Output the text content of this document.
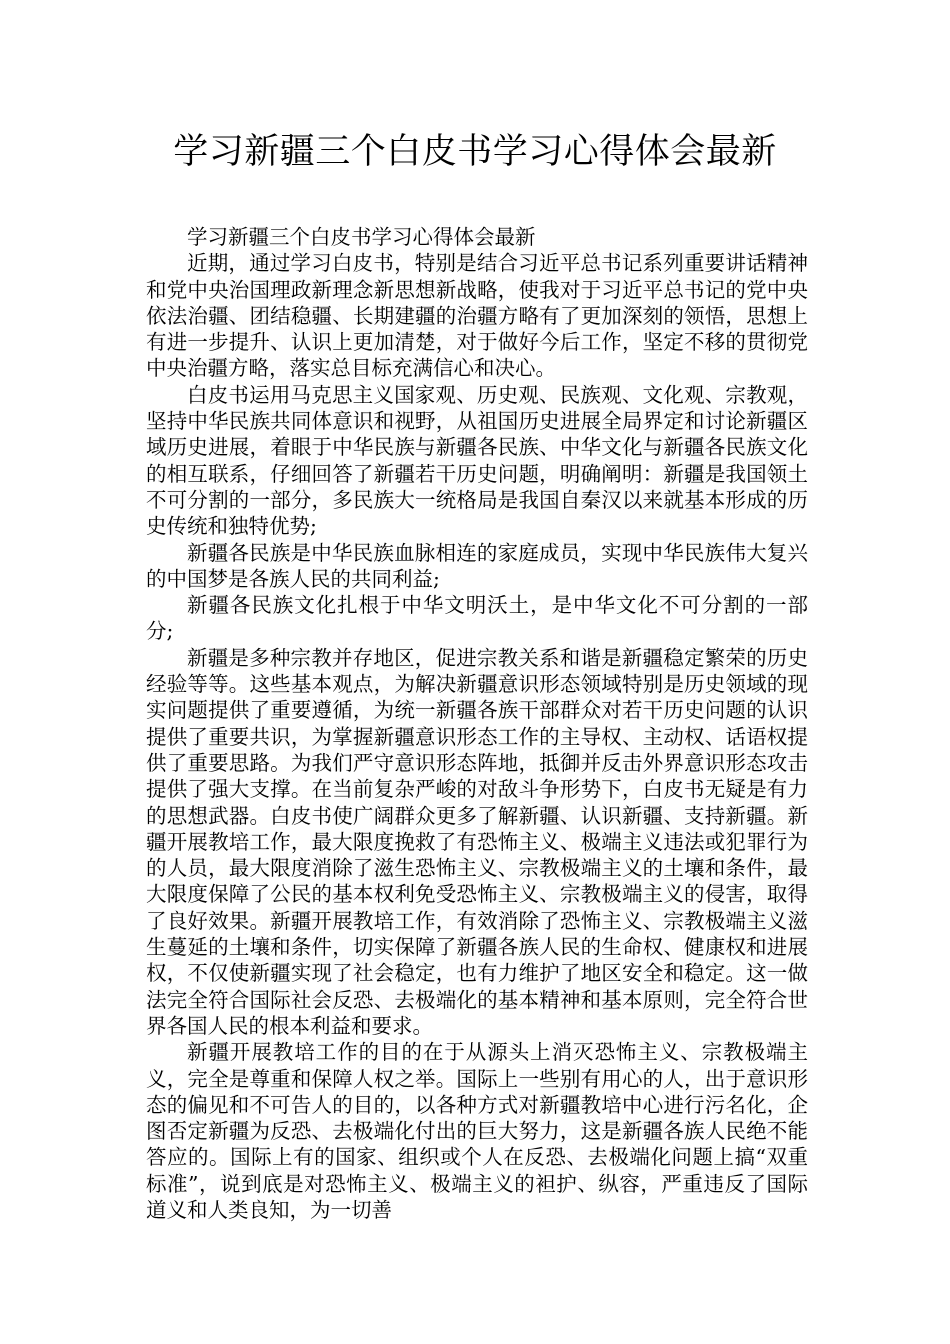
学习新疆三个白皮书学习心得体会最新

学习新疆三个白皮书学习心得体会最新

近期，通过学习白皮书，特别是结合习近平总书记系列重要讲话精神和党中央治国理政新理念新思想新战略，使我对于习近平总书记的党中央依法治疆、团结稳疆、长期建疆的治疆方略有了更加深刻的领悟，思想上有进一步提升、认识上更加清楚，对于做好今后工作，坚定不移的贯彻党中央治疆方略，落实总目标充满信心和决心。

白皮书运用马克思主义国家观、历史观、民族观、文化观、宗教观，坚持中华民族共同体意识和视野，从祖国历史进展全局界定和讨论新疆区域历史进展，着眼于中华民族与新疆各民族、中华文化与新疆各民族文化的相互联系，仔细回答了新疆若干历史问题，明确阐明：新疆是我国领土不可分割的一部分，多民族大一统格局是我国自秦汉以来就基本形成的历史传统和独特优势;

新疆各民族是中华民族血脉相连的家庭成员，实现中华民族伟大复兴的中国梦是各族人民的共同利益;

新疆各民族文化扎根于中华文明沃土，是中华文化不可分割的一部分;

新疆是多种宗教并存地区，促进宗教关系和谐是新疆稳定繁荣的历史经验等等。这些基本观点，为解决新疆意识形态领域特别是历史领域的现实问题提供了重要遵循，为统一新疆各族干部群众对若干历史问题的认识提供了重要共识，为掌握新疆意识形态工作的主导权、主动权、话语权提供了重要思路。为我们严守意识形态阵地，抵御并反击外界意识形态攻击提供了强大支撑。在当前复杂严峻的对敌斗争形势下，白皮书无疑是有力的思想武器。白皮书使广阔群众更多了解新疆、认识新疆、支持新疆。新疆开展教培工作，最大限度挽救了有恐怖主义、极端主义违法或犯罪行为的人员，最大限度消除了滋生恐怖主义、宗教极端主义的土壤和条件，最大限度保障了公民的基本权利免受恐怖主义、宗教极端主义的侵害，取得了良好效果。新疆开展教培工作，有效消除了恐怖主义、宗教极端主义滋生蔓延的土壤和条件，切实保障了新疆各族人民的生命权、健康权和进展权，不仅使新疆实现了社会稳定，也有力维护了地区安全和稳定。这一做法完全符合国际社会反恐、去极端化的基本精神和基本原则，完全符合世界各国人民的根本利益和要求。

新疆开展教培工作的目的在于从源头上消灭恐怖主义、宗教极端主义，完全是尊重和保障人权之举。国际上一些别有用心的人，出于意识形态的偏见和不可告人的目的，以各种方式对新疆教培中心进行污名化，企图否定新疆为反恐、去极端化付出的巨大努力，这是新疆各族人民绝不能答应的。国际上有的国家、组织或个人在反恐、去极端化问题上搞“双重标准”，说到底是对恐怖主义、极端主义的袒护、纵容，严重违反了国际道义和人类良知，为一切善
